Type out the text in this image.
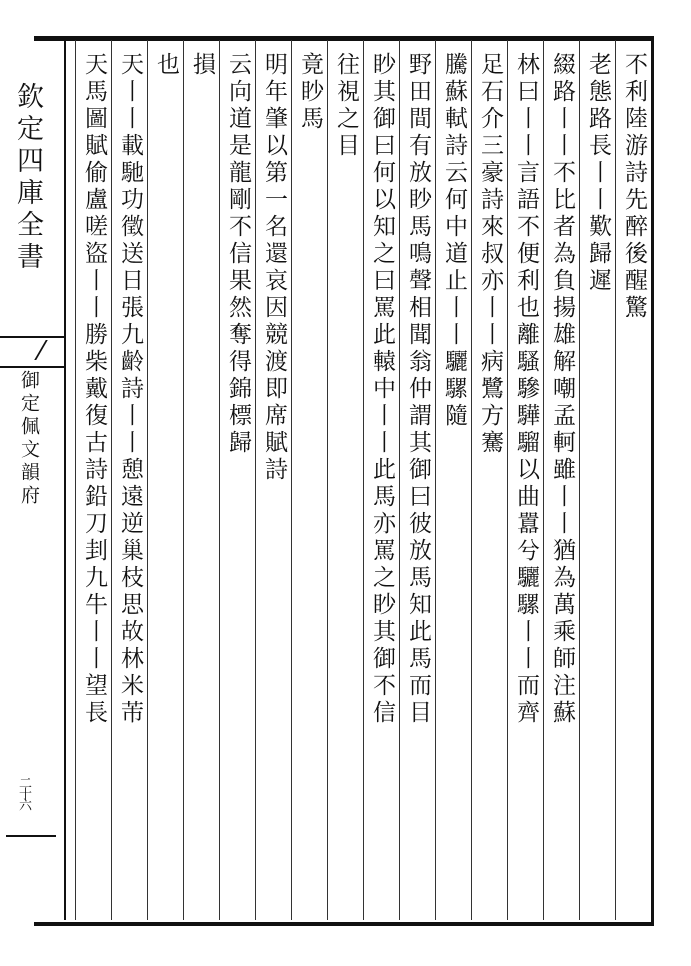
欽定四庫全書
御定佩文韻府
二十六
不利陸游詩先醉後醒驚
老態路長丨丨歎歸遲
綴路丨丨不比者為負揚雄解嘲孟軻雖丨丨猶為萬乘師注蘇
林曰丨丨言語不便利也離騷驂驊騮以曲囂兮驪騾丨丨而齊
足石介三豪詩來叔亦丨丨病鷺方騫
騰蘇軾詩云何中道止丨丨驪騾隨
野田間有放眇馬鳴聲相聞翁仲謂其御曰彼放馬知此馬而目
眇其御曰何以知之曰罵此轅中丨丨此馬亦罵之眇其御不信
往視之目
竟眇馬
明年肇以第一名還哀因競渡即席賦詩
云向道是龍剛不信果然奪得錦標歸
損
也
天丨丨載馳功徵送日張九齡詩丨丨憩遠逆巢枝思故林米芾
天馬圖賦偷盧嗟盜丨丨勝柴戴復古詩鉛刀刲九牛丨丨望長
